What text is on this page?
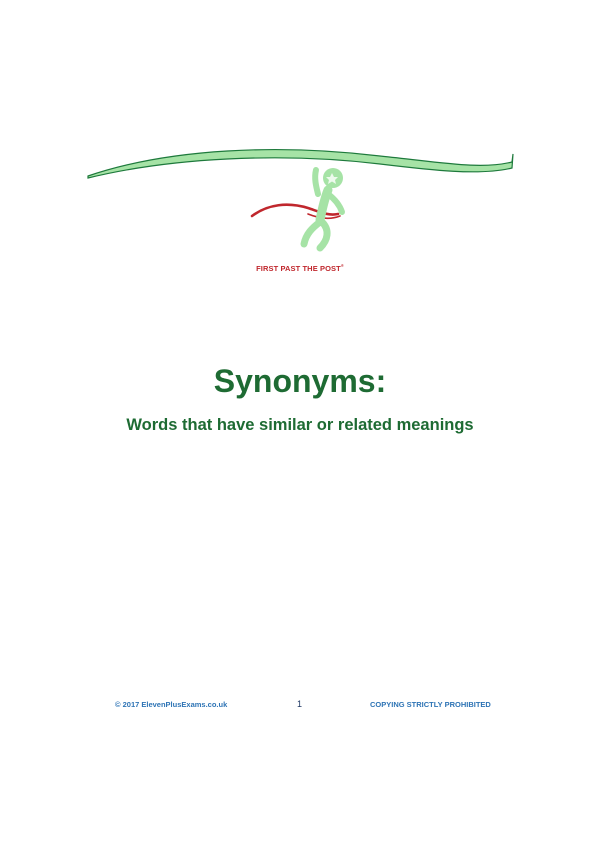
FIRST PAST THE POST®
Synonyms:
Words that have similar or related meanings
© 2017 ElevenPlusExams.co.uk	1	COPYING STRICTLY PROHIBITED
